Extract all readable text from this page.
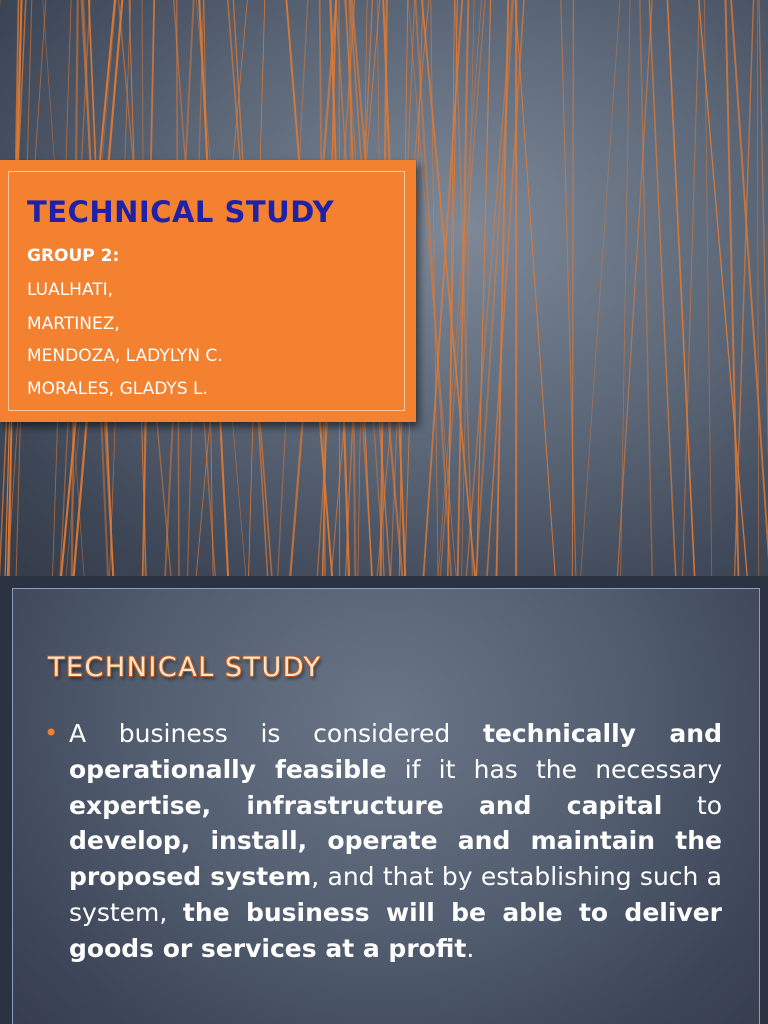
TECHNICAL STUDY
GROUP 2:
LUALHATI,
MARTINEZ,
MENDOZA, LADYLYN C.
MORALES, GLADYS L.
TECHNICAL STUDY
• A business is considered technically and operationally feasible if it has the necessary expertise, infrastructure and capital to develop, install, operate and maintain the proposed system, and that by establishing such a system, the business will be able to deliver goods or services at a profit.
